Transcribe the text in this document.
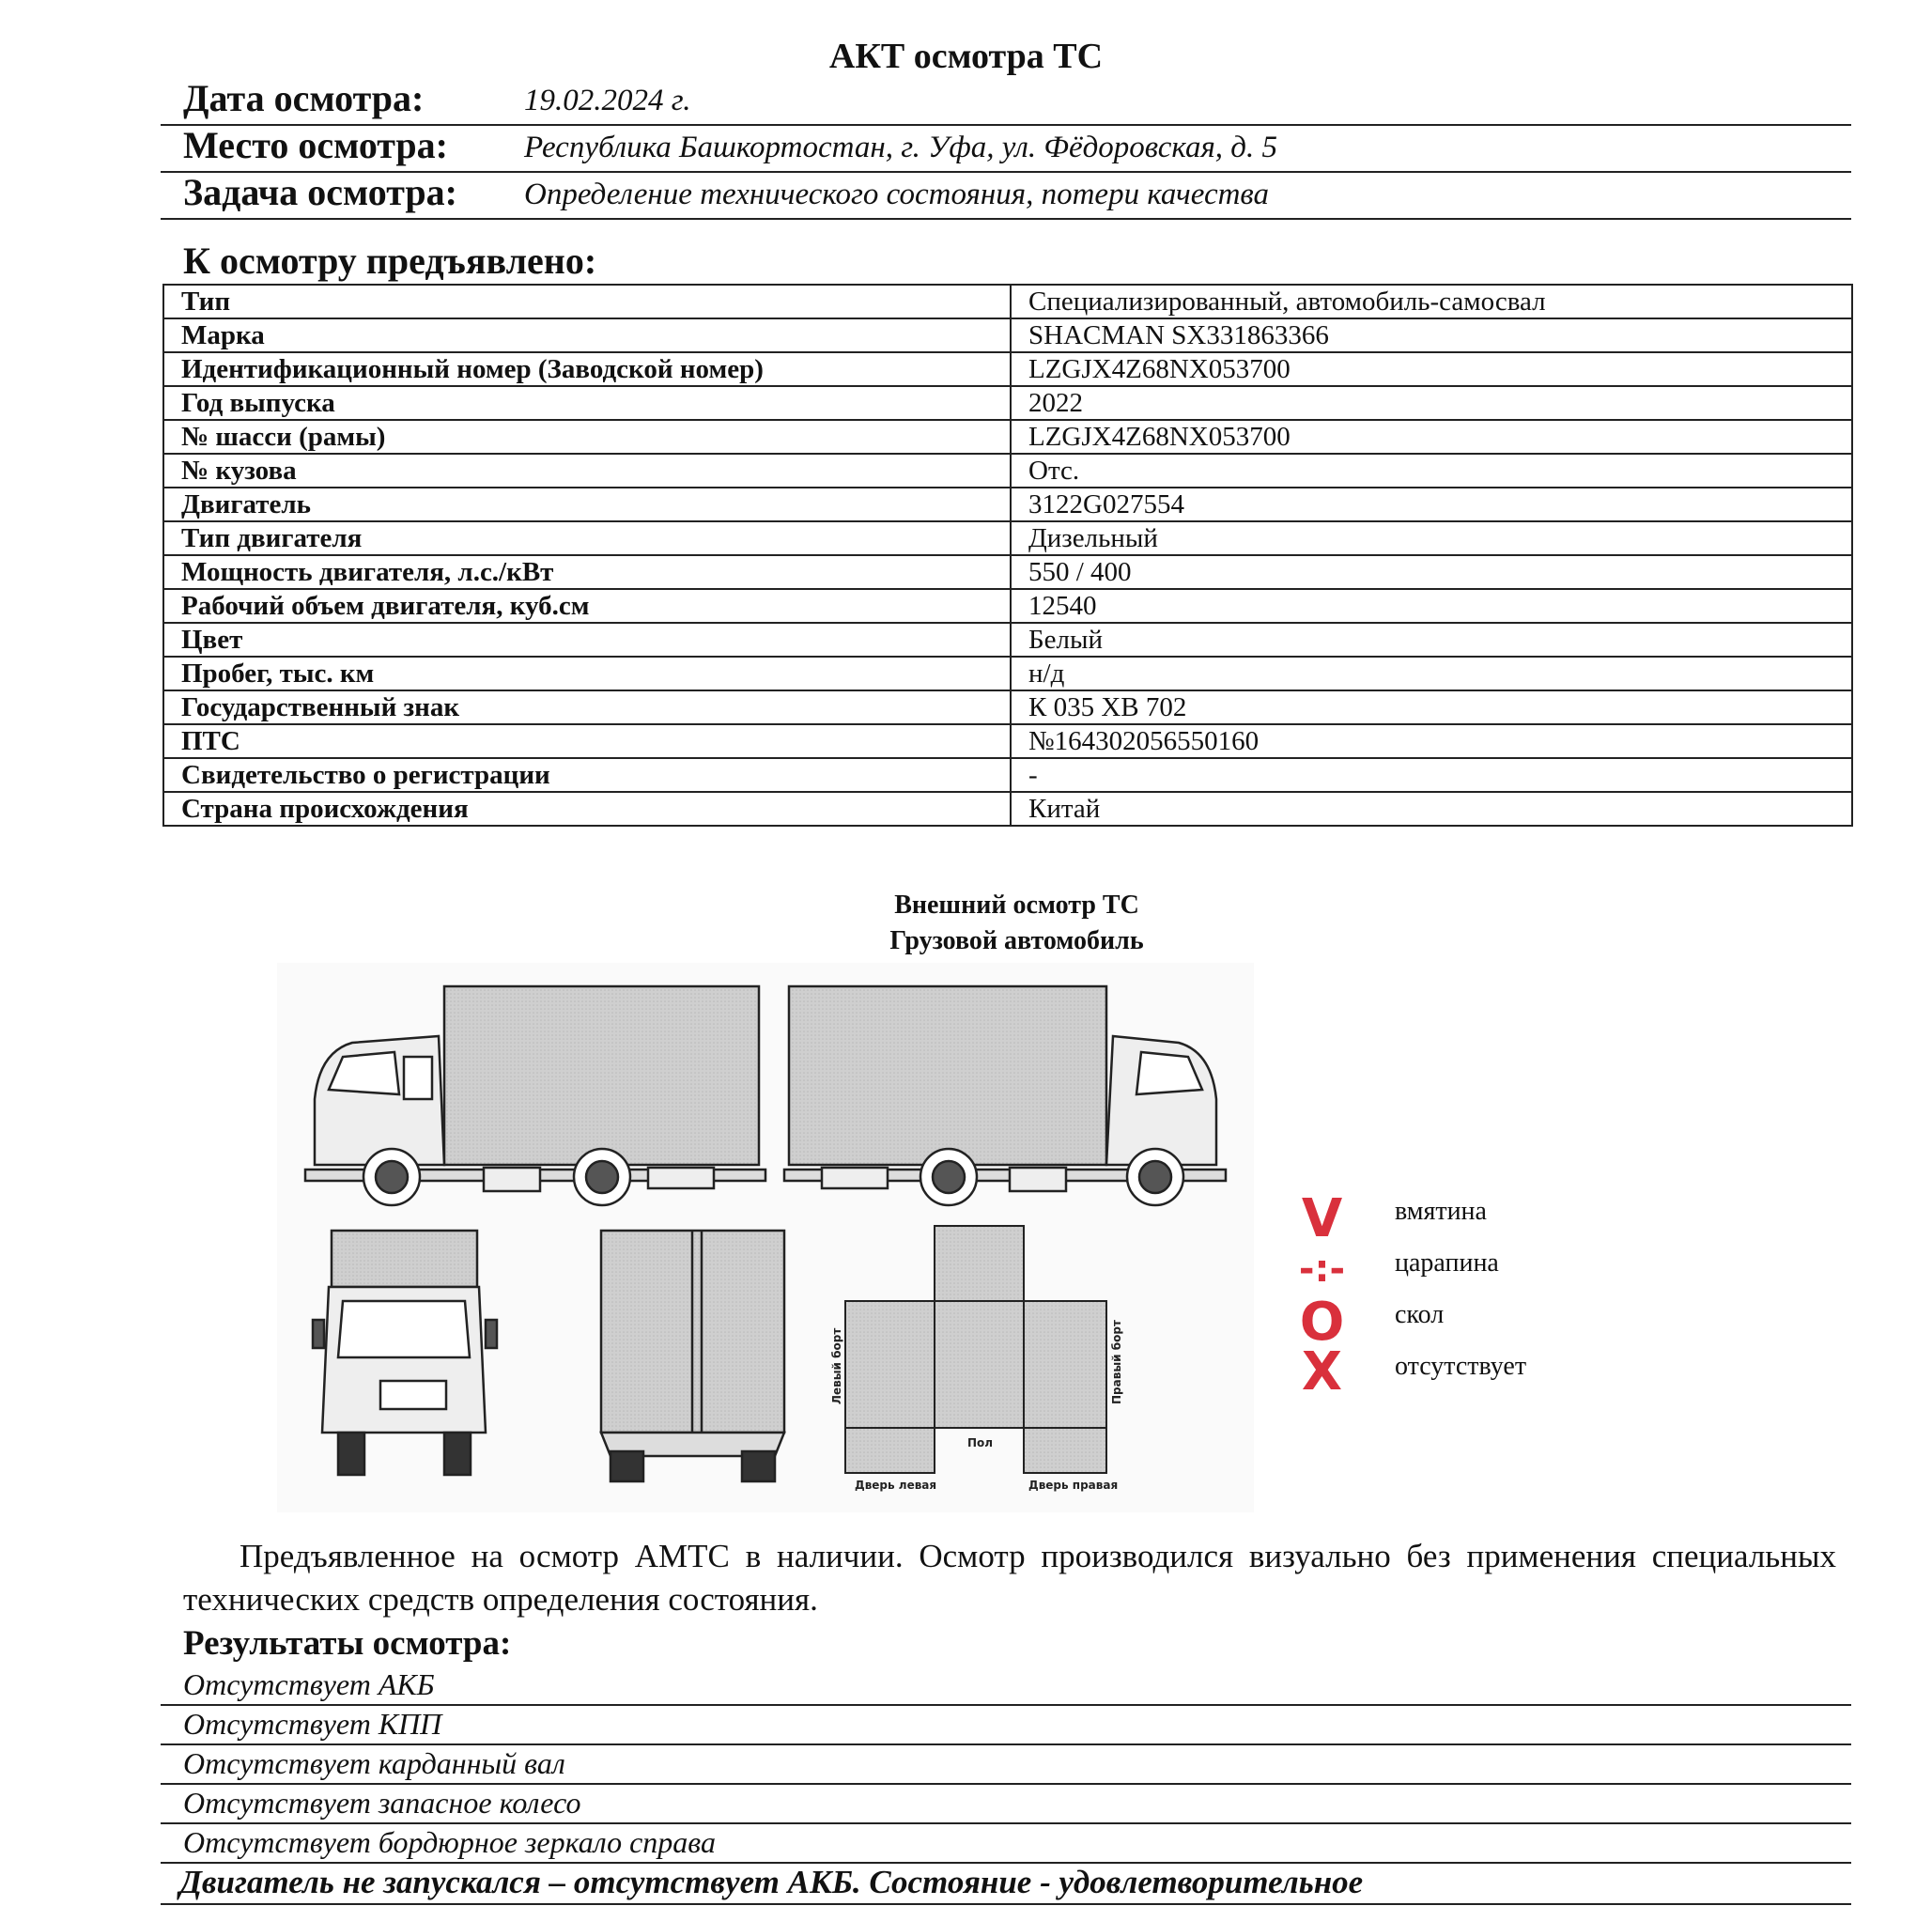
АКТ осмотра ТС
Дата осмотра:	19.02.2024 г.
Место осмотра: Республика Башкортостан, г. Уфа, ул. Фёдоровская, д. 5
Задача осмотра: Определение технического состояния, потери качества
К осмотру предъявлено:
Тип	Специализированный, автомобиль-самосвал
Марка	SHACMAN SX331863366
Идентификационный номер (Заводской номер)	LZGJX4Z68NX053700
Год выпуска	2022
№ шасси (рамы)	LZGJX4Z68NX053700
№ кузова	Отс.
Двигатель	3122G027554
Тип двигателя	Дизельный
Мощность двигателя, л.с./кВт	550 / 400
Рабочий объем двигателя, куб.см	12540
Цвет	Белый
Пробег, тыс. км	н/д
Государственный знак	К 035 ХВ 702
ПТС	№164302056550160
Свидетельство о регистрации	-
Страна происхождения	Китай
Внешний осмотр ТС
Грузовой автомобиль
Левый борт	Правый борт
Пол
Дверь левая	Дверь правая
V	вмятина
-:- царапина
O	скол
X	отсутствует
Предъявленное на осмотр АМТС в наличии. Осмотр производился визуально без применения специальных технических средств определения состояния.
Результаты осмотра:
Отсутствует АКБ
Отсутствует КПП
Отсутствует карданный вал
Отсутствует запасное колесо
Отсутствует бордюрное зеркало справа
Двигатель не запускался – отсутствует АКБ. Состояние - удовлетворительное
